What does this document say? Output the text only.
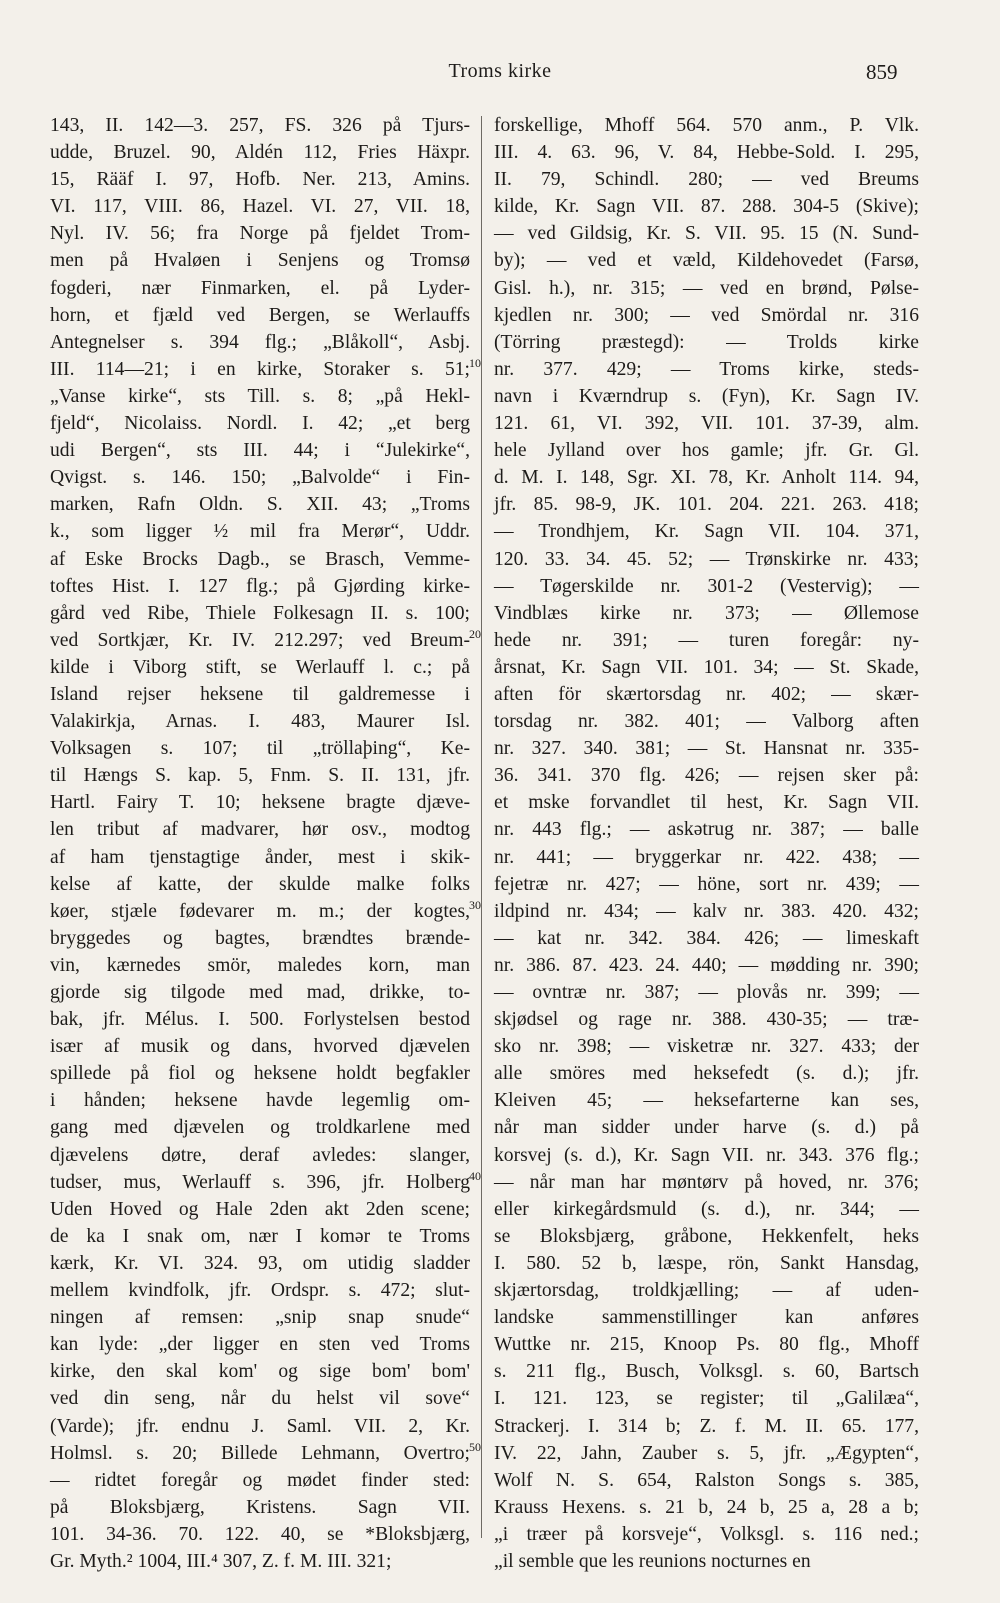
Troms kirke	859
10
20
30
40
50
143, II. 142—3. 257, FS. 326 på Tjurs-
udde, Bruzel. 90, Aldén 112, Fries Häxpr.
15, Rääf I. 97, Hofb. Ner. 213, Amins.
VI. 117, VIII. 86, Hazel. VI. 27, VII. 18,
Nyl. IV. 56; fra Norge på fjeldet Trom-
men på Hvaløen i Senjens og Tromsø
fogderi, nær Finmarken, el. på Lyder-
horn, et fjæld ved Bergen, se Werlauffs
Antegnelser s. 394 flg.; „Blåkoll“, Asbj.
III. 114—21; i en kirke, Storaker s. 51;
„Vanse kirke“, sts Till. s. 8; „på Hekl-
fjeld“, Nicolaiss. Nordl. I. 42; „et berg
udi Bergen“, sts III. 44; i “Julekirke“,
Qvigst. s. 146. 150; „Balvolde“ i Fin-
marken, Rafn Oldn. S. XII. 43; „Troms
k., som ligger ½ mil fra Merør“, Uddr.
af Eske Brocks Dagb., se Brasch, Vemme-
toftes Hist. I. 127 flg.; på Gjørding kirke-
gård ved Ribe, Thiele Folkesagn II. s. 100;
ved Sortkjær, Kr. IV. 212.297; ved Breum-
kilde i Viborg stift, se Werlauff l. c.; på
Island rejser heksene til galdremesse i
Valakirkja, Arnas. I. 483, Maurer Isl.
Volksagen s. 107; til „tröllaþing“, Ke-
til Hængs S. kap. 5, Fnm. S. II. 131, jfr.
Hartl. Fairy T. 10; heksene bragte djæve-
len tribut af madvarer, hør osv., modtog
af ham tjenstagtige ånder, mest i skik-
kelse af katte, der skulde malke folks
køer, stjæle fødevarer m. m.; der kogtes,
bryggedes og bagtes, brændtes brænde-
vin, kærnedes smör, maledes korn, man
gjorde sig tilgode med mad, drikke, to-
bak, jfr. Mélus. I. 500. Forlystelsen bestod
især af musik og dans, hvorved djævelen
spillede på fiol og heksene holdt begfakler
i hånden; heksene havde legemlig om-
gang med djævelen og troldkarlene med
djævelens døtre, deraf avledes: slanger,
tudser, mus, Werlauff s. 396, jfr. Holberg
Uden Hoved og Hale 2den akt 2den scene;
de ka I snak om, nær I komər te Troms
kærk, Kr. VI. 324. 93, om utidig sladder
mellem kvindfolk, jfr. Ordspr. s. 472; slut-
ningen af remsen: „snip snap snude“
kan lyde: „der ligger en sten ved Troms
kirke, den skal kom' og sige bom' bom'
ved din seng, når du helst vil sove“
(Varde); jfr. endnu J. Saml. VII. 2, Kr.
Holmsl. s. 20; Billede Lehmann, Overtro;
— ridtet foregår og mødet finder sted:
på Bloksbjærg, Kristens. Sagn VII.
101. 34-36. 70. 122. 40, se *Bloksbjærg,
Gr. Myth.² 1004, III.⁴ 307, Z. f. M. III. 321;
forskellige, Mhoff 564. 570 anm., P. Vlk.
III. 4. 63. 96, V. 84, Hebbe-Sold. I. 295,
II. 79, Schindl. 280; — ved Breums
kilde, Kr. Sagn VII. 87. 288. 304-5 (Skive);
— ved Gildsig, Kr. S. VII. 95. 15 (N. Sund-
by); — ved et væld, Kildehovedet (Farsø,
Gisl. h.), nr. 315; — ved en brønd, Pølse-
kjedlen nr. 300; — ved Smördal nr. 316
(Törring præstegd): — Trolds kirke
nr. 377. 429; — Troms kirke, steds-
navn i Kværndrup s. (Fyn), Kr. Sagn IV.
121. 61, VI. 392, VII. 101. 37-39, alm.
hele Jylland over hos gamle; jfr. Gr. Gl.
d. M. I. 148, Sgr. XI. 78, Kr. Anholt 114. 94,
jfr. 85. 98-9, JK. 101. 204. 221. 263. 418;
— Trondhjem, Kr. Sagn VII. 104. 371,
120. 33. 34. 45. 52; — Trønskirke nr. 433;
— Tøgerskilde nr. 301-2 (Vestervig); —
Vindblæs kirke nr. 373; — Øllemose
hede nr. 391; — turen foregår: ny-
årsnat, Kr. Sagn VII. 101. 34; — St. Skade,
aften för skærtorsdag nr. 402; — skær-
torsdag nr. 382. 401; — Valborg aften
nr. 327. 340. 381; — St. Hansnat nr. 335-
36. 341. 370 flg. 426; — rejsen sker på:
et mske forvandlet til hest, Kr. Sagn VII.
nr. 443 flg.; — askətrug nr. 387; — balle
nr. 441; — bryggerkar nr. 422. 438; —
fejetræ nr. 427; — höne, sort nr. 439; —
ildpind nr. 434; — kalv nr. 383. 420. 432;
— kat nr. 342. 384. 426; — limeskaft
nr. 386. 87. 423. 24. 440; — mødding nr. 390;
— ovntræ nr. 387; — plovås nr. 399; —
skjødsel og rage nr. 388. 430-35; — træ-
sko nr. 398; — visketræ nr. 327. 433; der
alle smöres med heksefedt (s. d.); jfr.
Kleiven 45; — heksefarterne kan ses,
når man sidder under harve (s. d.) på
korsvej (s. d.), Kr. Sagn VII. nr. 343. 376 flg.;
— når man har møntørv på hoved, nr. 376;
eller kirkegårdsmuld (s. d.), nr. 344; —
se Bloksbjærg, gråbone, Hekkenfelt, heks
I. 580. 52 b, læspe, rön, Sankt Hansdag,
skjærtorsdag, troldkjælling; — af uden-
landske sammenstillinger kan anføres
Wuttke nr. 215, Knoop Ps. 80 flg., Mhoff
s. 211 flg., Busch, Volksgl. s. 60, Bartsch
I. 121. 123, se register; til „Galilæa“,
Strackerj. I. 314 b; Z. f. M. II. 65. 177,
IV. 22, Jahn, Zauber s. 5, jfr. „Ægypten“,
Wolf N. S. 654, Ralston Songs s. 385,
Krauss Hexens. s. 21 b, 24 b, 25 a, 28 a b;
„i træer på korsveje“, Volksgl. s. 116 ned.;
„il semble que les reunions nocturnes en
